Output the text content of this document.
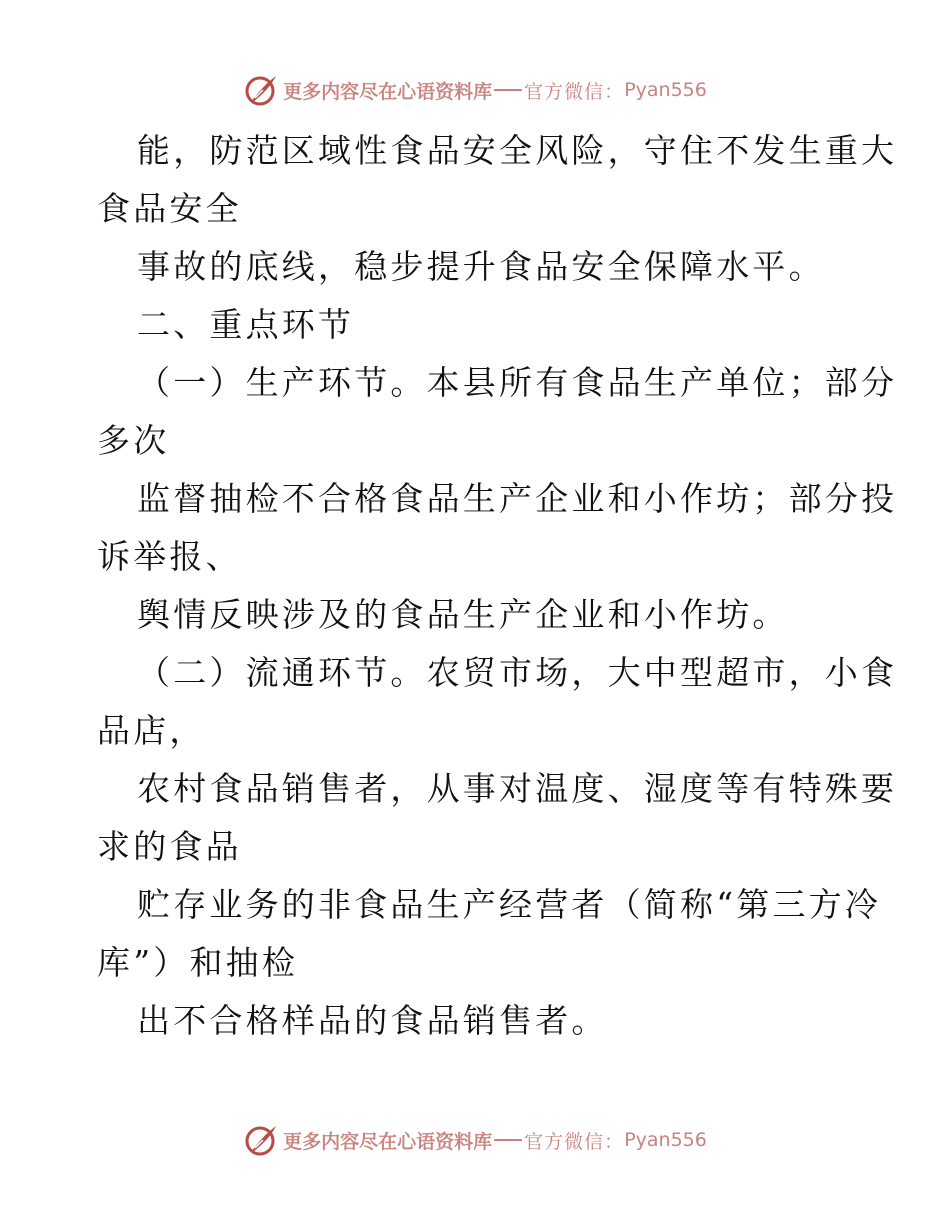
更多内容尽在心语资料库 官方微信： Pyan556
能，防范区域性食品安全风险，守住不发生重大
食品安全
事故的底线，稳步提升食品安全保障水平。
二、重点环节
（一）生产环节。本县所有食品生产单位；部分
多次
监督抽检不合格食品生产企业和小作坊；部分投
诉举报、
舆情反映涉及的食品生产企业和小作坊。
（二）流通环节。农贸市场，大中型超市，小食
品店，
农村食品销售者，从事对温度、湿度等有特殊要
求的食品
贮存业务的非食品生产经营者（简称“第三方冷
库”）和抽检
出不合格样品的食品销售者。
更多内容尽在心语资料库 官方微信： Pyan556
